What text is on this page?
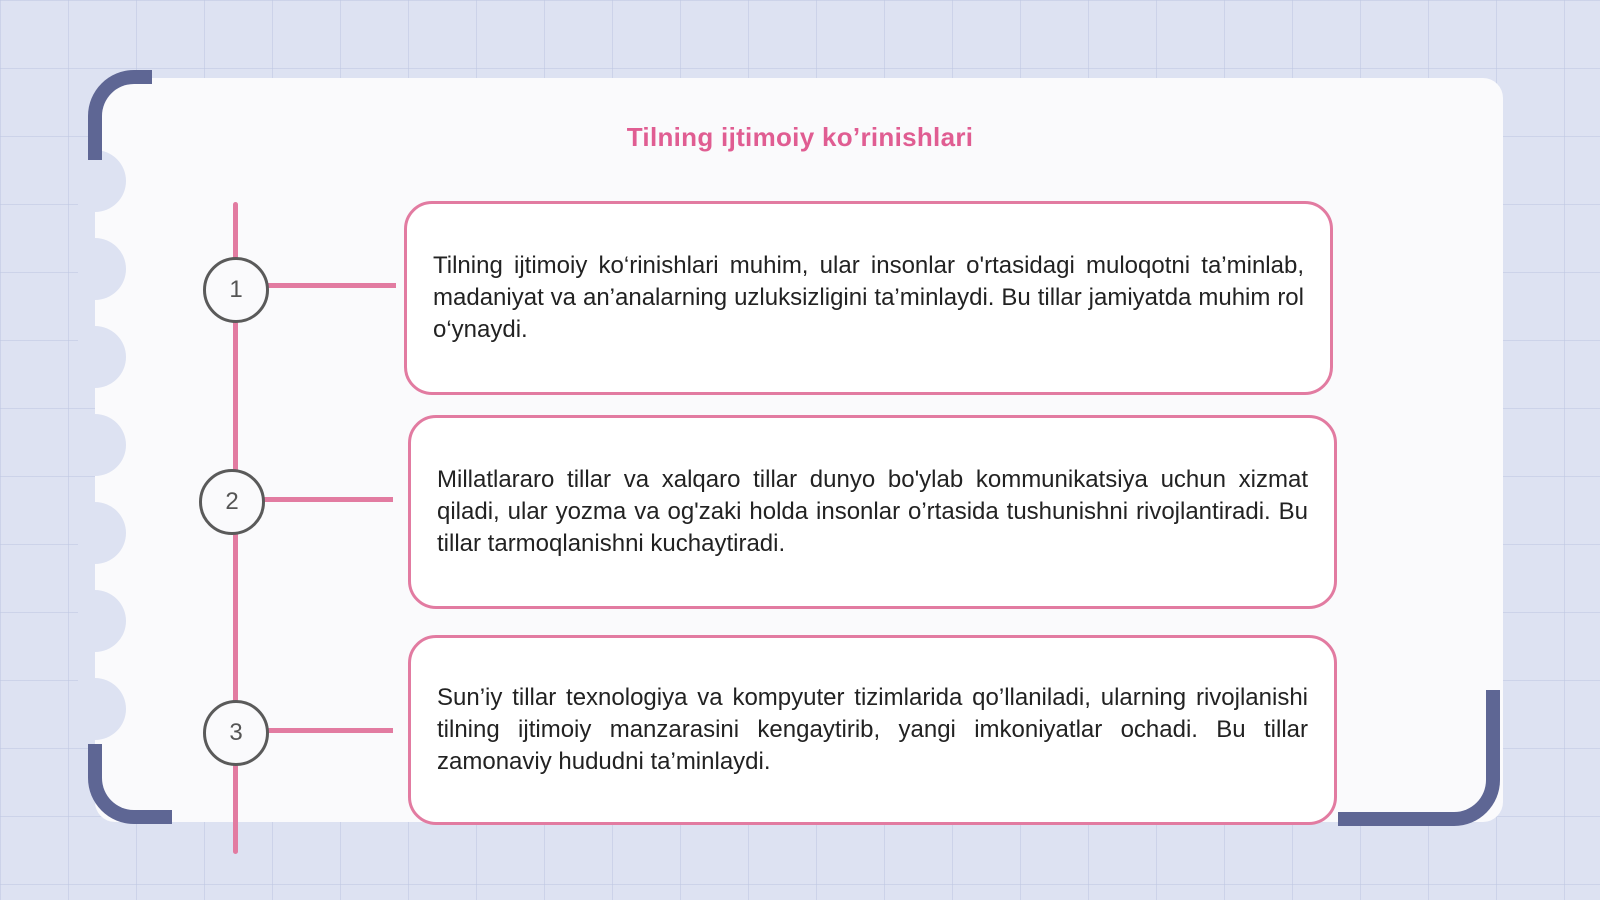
Tilning ijtimoiy ko’rinishlari
1

Tilning ijtimoiy ko‘rinishlari muhim, ular insonlar o'rtasidagi muloqotni ta’minlab, madaniyat va an’analarning uzluksizligini ta’minlaydi. Bu tillar jamiyatda muhim rol o‘ynaydi.

2

Millatlararo tillar va xalqaro tillar dunyo bo'ylab kommunikatsiya uchun xizmat qiladi, ular yozma va og'zaki holda insonlar o’rtasida tushunishni rivojlantiradi. Bu tillar tarmoqlanishni kuchaytiradi.

3

Sun’iy tillar texnologiya va kompyuter tizimlarida qo’llaniladi, ularning rivojlanishi tilning ijtimoiy manzarasini kengaytirib, yangi imkoniyatlar ochadi. Bu tillar zamonaviy hududni ta’minlaydi.
